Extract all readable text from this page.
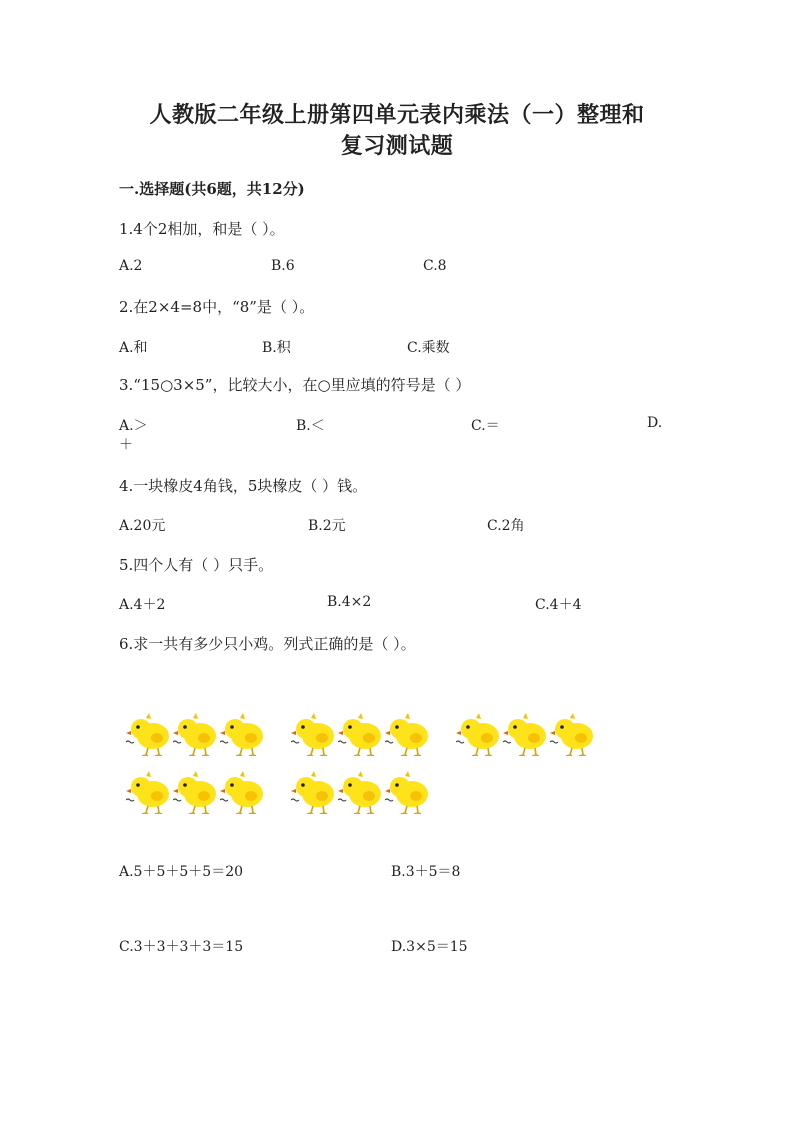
人教版二年级上册第四单元表内乘法（一）整理和
复习测试题
一.选择题(共6题，共12分)
1.4个2相加，和是（ ）。
A.2	B.6	C.8
2.在2×4=8中，“8”是（ ）。
A.和	B.积	C.乘数
3.“15○3×5”，比较大小，在○里应填的符号是（ ）
A.＞	B.＜	C.＝	D.
＋
4.一块橡皮4角钱，5块橡皮（ ）钱。
A.20元	B.2元	C.2角
5.四个人有（ ）只手。
A.4＋2	B.4×2	C.4＋4
6.求一共有多少只小鸡。列式正确的是（ ）。
A.5＋5＋5＋5＝20	B.3＋5＝8
C.3＋3＋3＋3＝15	D.3×5＝15
